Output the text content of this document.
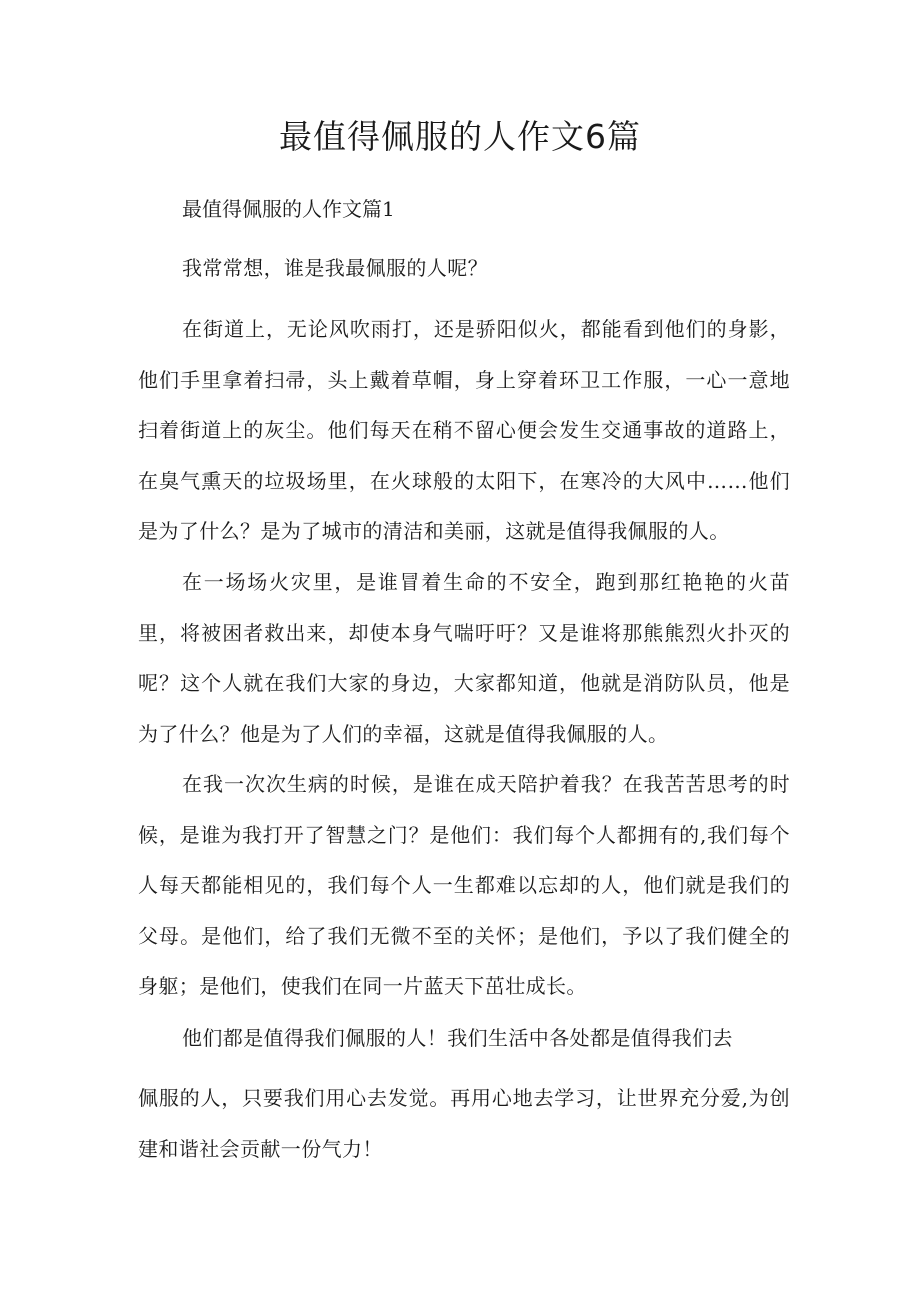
最值得佩服的人作文6篇
最值得佩服的人作文篇1

我常常想，谁是我最佩服的人呢？

在街道上，无论风吹雨打，还是骄阳似火，都能看到他们的身影，他们手里拿着扫帚，头上戴着草帽，身上穿着环卫工作服，一心一意地扫着街道上的灰尘。他们每天在稍不留心便会发生交通事故的道路上，在臭气熏天的垃圾场里，在火球般的太阳下，在寒冷的大风中……他们是为了什么？是为了城市的清洁和美丽，这就是值得我佩服的人。

在一场场火灾里，是谁冒着生命的不安全，跑到那红艳艳的火苗里，将被困者救出来，却使本身气喘吁吁？又是谁将那熊熊烈火扑灭的呢？这个人就在我们大家的身边，大家都知道，他就是消防队员，他是为了什么？他是为了人们的幸福，这就是值得我佩服的人。

在我一次次生病的时候，是谁在成天陪护着我？在我苦苦思考的时候，是谁为我打开了智慧之门？是他们：我们每个人都拥有的,我们每个人每天都能相见的，我们每个人一生都难以忘却的人，他们就是我们的父母。是他们，给了我们无微不至的关怀；是他们，予以了我们健全的身躯；是他们，使我们在同一片蓝天下茁壮成长。

他们都是值得我们佩服的人！我们生活中各处都是值得我们去

佩服的人，只要我们用心去发觉。再用心地去学习，让世界充分爱,为创建和谐社会贡献一份气力！
